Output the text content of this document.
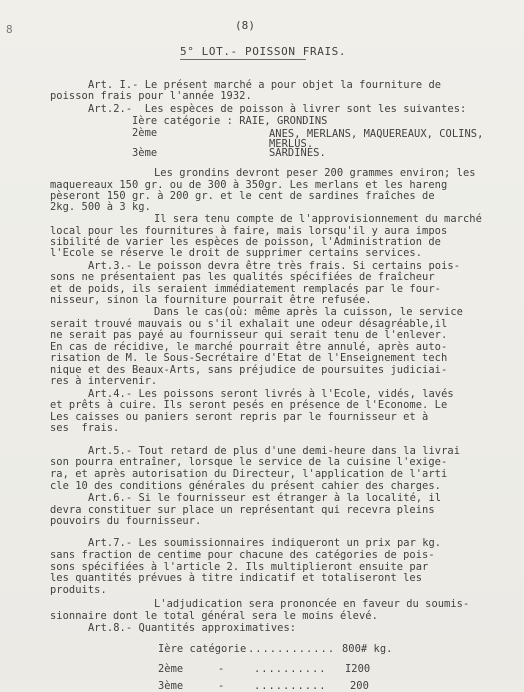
8	(8)
5° LOT.- POISSON FRAIS.
Art. I.- Le présent marché a pour objet la fourniture de
poisson frais pour l'année 1932.
Art.2.-  Les espèces de poisson à livrer sont les suivantes:
Ière catégorie : RAIE, GRONDINS
2ème	ANES, MERLANS, MAQUEREAUX, COLINS,
MERLUS.
3ème	SARDINES.
Les grondins devront peser 200 grammes environ; les
maquereaux 150 gr. ou de 300 à 350gr. Les merlans et les hareng
pèseront 150 gr. à 200 gr. et le cent de sardines fraîches de
2kg. 500 à 3 kg.
Il sera tenu compte de l'approvisionnement du marché
local pour les fournitures à faire, mais lorsqu'il y aura impos
sibilité de varier les espèces de poisson, l'Administration de
l'Ecole se réserve le droit de supprimer certains services.
Art.3.- Le poisson devra être très frais. Si certains pois-
sons ne présentaient pas les qualités spécifiées de fraîcheur
et de poids, ils seraient immédiatement remplacés par le four-
nisseur, sinon la fourniture pourrait être refusée.
Dans le cas(où: même après la cuisson, le service
serait trouvé mauvais ou s'il exhalait une odeur désagréable,il
ne serait pas payé au fournisseur qui serait tenu de l'enlever.
En cas de récidive, le marché pourrait être annulé, après auto-
risation de M. le Sous-Secrétaire d'Etat de l'Enseignement tech
nique et des Beaux-Arts, sans préjudice de poursuites judiciai-
res à intervenir.
Art.4.- Les poissons seront livrés à l'Ecole, vidés, lavés
et prêts à cuire. Ils seront pesés en présence de l'Econome. Le
Les caisses ou paniers seront repris par le fournisseur et à
ses  frais.
Art.5.- Tout retard de plus d'une demi-heure dans la livrai
son pourra entraîner, lorsque le service de la cuisine l'exige-
ra, et après autorisation du Directeur, l'application de l'arti
cle 10 des conditions générales du présent cahier des charges.
Art.6.- Si le fournisseur est étranger à la localité, il
devra constituer sur place un représentant qui recevra pleins
pouvoirs du fournisseur.
Art.7.- Les soumissionnaires indiqueront un prix par kg.
sans fraction de centime pour chacune des catégories de pois-
sons spécifiées à l'article 2. Ils multiplieront ensuite par
les quantités prévues à titre indicatif et totaliseront les
produits.
L'adjudication sera prononcée en faveur du soumis-
sionnaire dont le total général sera le moins élevé.
Art.8.- Quantités approximatives:
Ière catégorie ............ 800# kg.
2ème	-	.......... I200
3ème	-	.......... 200
